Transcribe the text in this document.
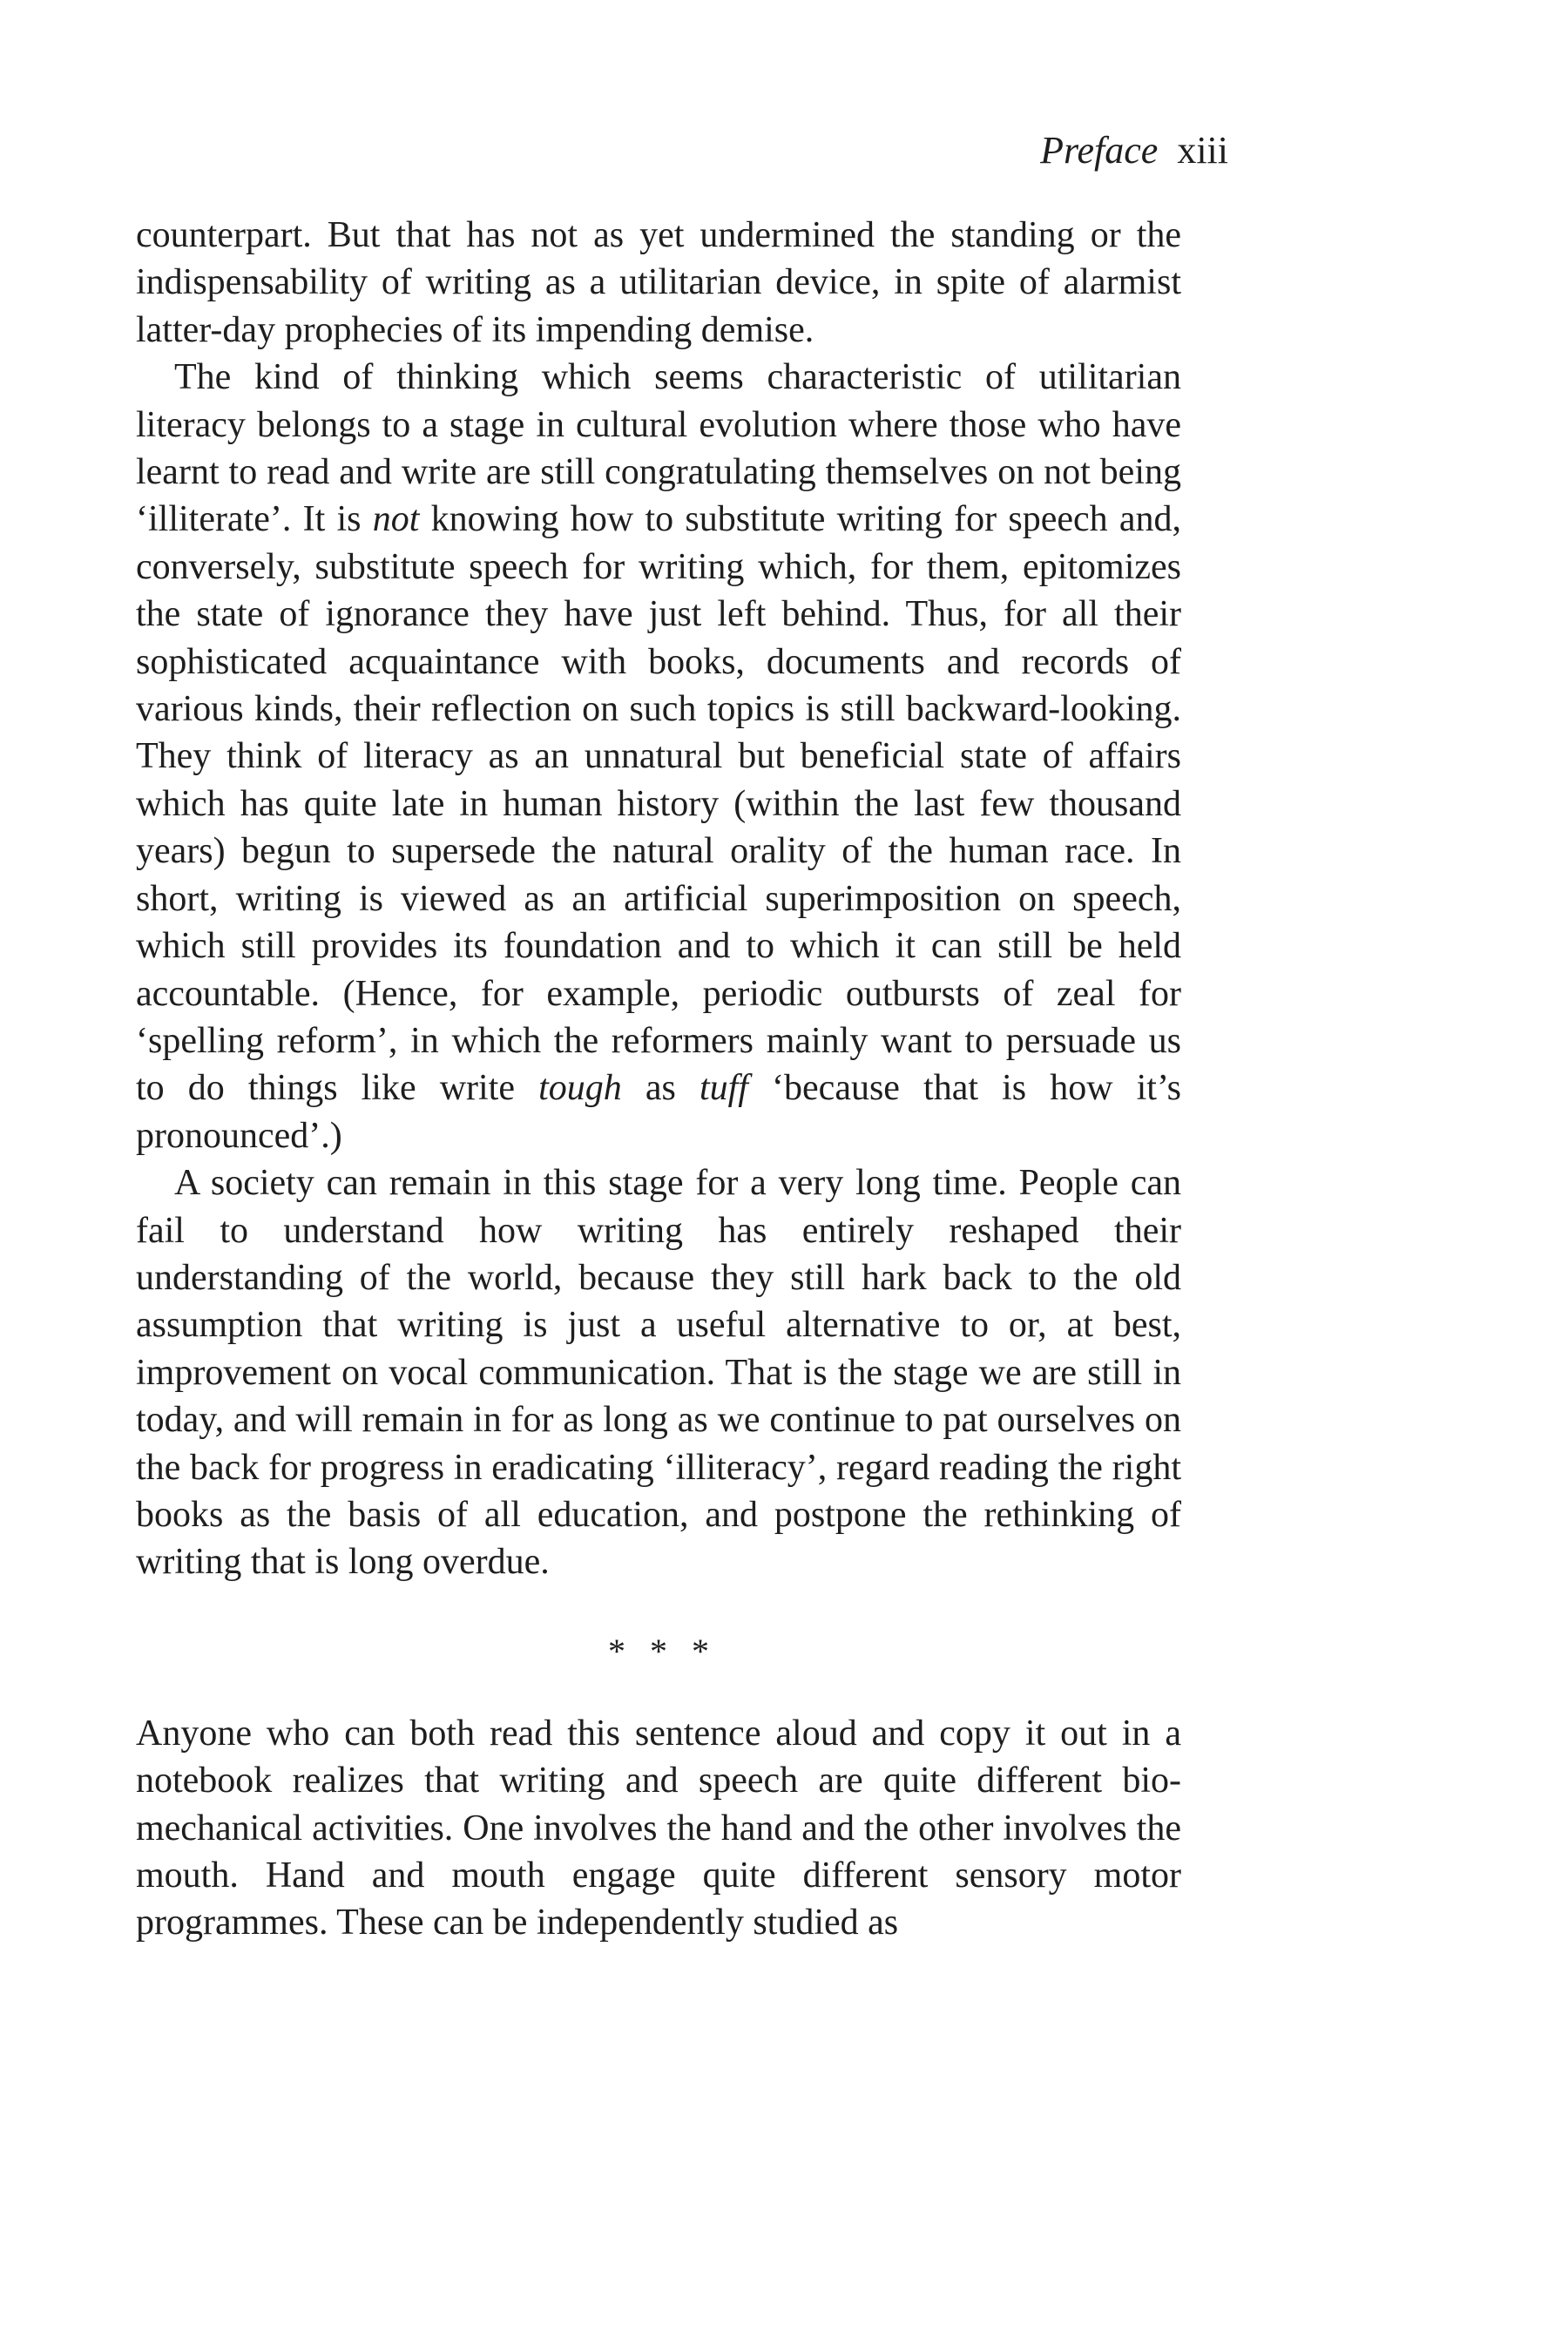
Preface xiii

counterpart. But that has not as yet undermined the standing or the indispensability of writing as a utilitarian device, in spite of alarmist latter-day prophecies of its impending demise.

The kind of thinking which seems characteristic of utilitarian literacy belongs to a stage in cultural evolution where those who have learnt to read and write are still congratulating themselves on not being ‘illiterate’. It is not knowing how to substitute writing for speech and, conversely, substitute speech for writing which, for them, epitomizes the state of ignorance they have just left behind. Thus, for all their sophisticated acquaintance with books, documents and records of various kinds, their reflection on such topics is still backward-looking. They think of literacy as an unnatural but beneficial state of affairs which has quite late in human history (within the last few thousand years) begun to supersede the natural orality of the human race. In short, writing is viewed as an artificial superimposition on speech, which still provides its foundation and to which it can still be held accountable. (Hence, for example, periodic outbursts of zeal for ‘spelling reform’, in which the reformers mainly want to persuade us to do things like write tough as tuff ‘because that is how it’s pronounced’.)

A society can remain in this stage for a very long time. People can fail to understand how writing has entirely reshaped their understanding of the world, because they still hark back to the old assumption that writing is just a useful alternative to or, at best, improvement on vocal communication. That is the stage we are still in today, and will remain in for as long as we continue to pat ourselves on the back for progress in eradicating ‘illiteracy’, regard reading the right books as the basis of all education, and postpone the rethinking of writing that is long overdue.

* * *

Anyone who can both read this sentence aloud and copy it out in a notebook realizes that writing and speech are quite different biomechanical activities. One involves the hand and the other involves the mouth. Hand and mouth engage quite different sensory motor programmes. These can be independently studied as
